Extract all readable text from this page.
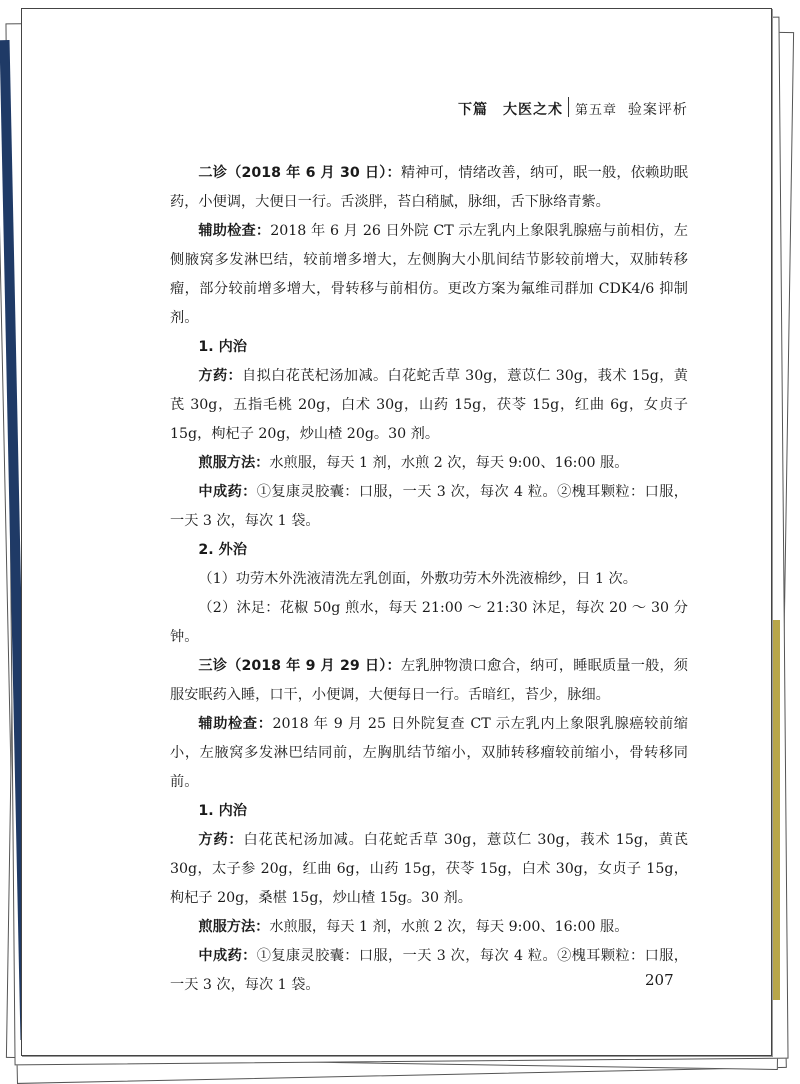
下篇　大医之术 第五章 验案评析

二诊（2018 年 6 月 30 日）：精神可，情绪改善，纳可，眠一般，依赖助眠药，小便调，大便日一行。舌淡胖，苔白稍腻，脉细，舌下脉络青紫。

辅助检查：2018 年 6 月 26 日外院 CT 示左乳内上象限乳腺癌与前相仿，左侧腋窝多发淋巴结，较前增多增大，左侧胸大小肌间结节影较前增大，双肺转移瘤，部分较前增多增大，骨转移与前相仿。更改方案为氟维司群加 CDK4/6 抑制剂。

1. 内治

方药：自拟白花芪杞汤加减。白花蛇舌草 30g，薏苡仁 30g，莪术 15g，黄芪 30g，五指毛桃 20g，白术 30g，山药 15g，茯苓 15g，红曲 6g，女贞子 15g，枸杞子 20g，炒山楂 20g。30 剂。

煎服方法：水煎服，每天 1 剂，水煎 2 次，每天 9:00、16:00 服。

中成药：①复康灵胶囊：口服，一天 3 次，每次 4 粒。②槐耳颗粒：口服，一天 3 次，每次 1 袋。

2. 外治

（1）功劳木外洗液清洗左乳创面，外敷功劳木外洗液棉纱，日 1 次。

（2）沐足：花椒 50g 煎水，每天 21:00 ～ 21:30 沐足，每次 20 ～ 30 分钟。

三诊（2018 年 9 月 29 日）：左乳肿物溃口愈合，纳可，睡眠质量一般，须服安眠药入睡，口干，小便调，大便每日一行。舌暗红，苔少，脉细。

辅助检查：2018 年 9 月 25 日外院复查 CT 示左乳内上象限乳腺癌较前缩小，左腋窝多发淋巴结同前，左胸肌结节缩小，双肺转移瘤较前缩小，骨转移同前。

1. 内治

方药：白花芪杞汤加减。白花蛇舌草 30g，薏苡仁 30g，莪术 15g，黄芪 30g，太子参 20g，红曲 6g，山药 15g，茯苓 15g，白术 30g，女贞子 15g，枸杞子 20g，桑椹 15g，炒山楂 15g。30 剂。

煎服方法：水煎服，每天 1 剂，水煎 2 次，每天 9:00、16:00 服。

中成药：①复康灵胶囊：口服，一天 3 次，每次 4 粒。②槐耳颗粒：口服，一天 3 次，每次 1 袋。	207
